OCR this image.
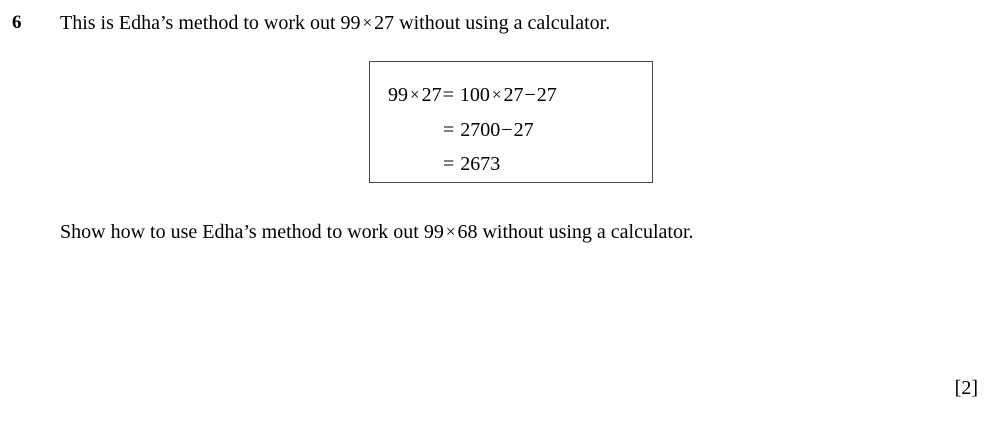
6 This is Edha’s method to work out 99 × 27 without using a calculator.
99 × 27= 100 × 27−27
= 2700−27
= 2673
Show how to use Edha’s method to work out 99 × 68 without using a calculator.
[2]
